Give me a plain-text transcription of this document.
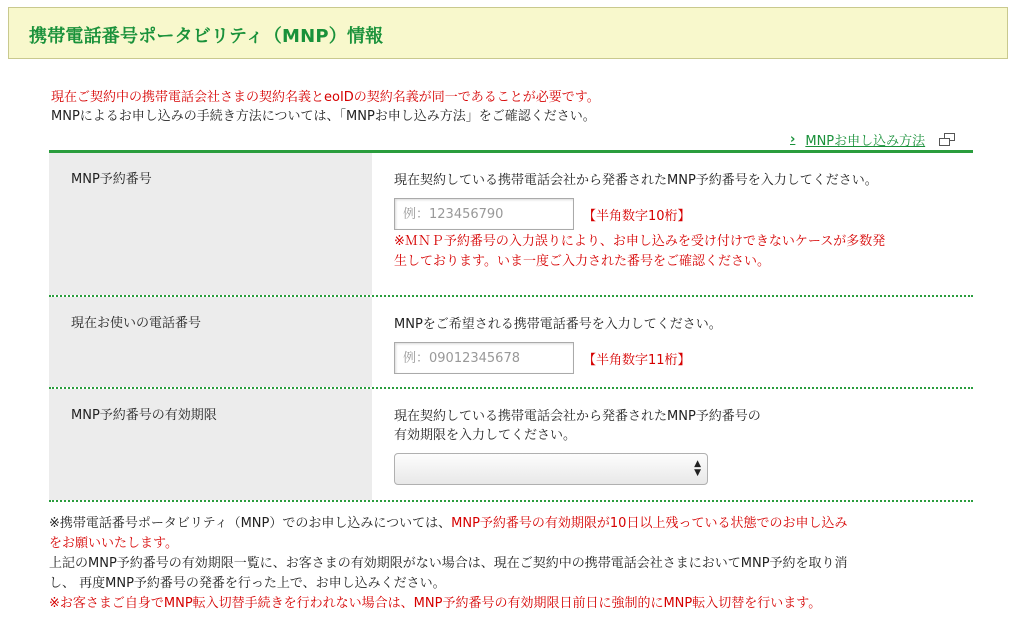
携帯電話番号ポータビリティ（MNP）情報
現在ご契約中の携帯電話会社さまの契約名義とeoIDの契約名義が同一であることが必要です。
MNPによるお申し込みの手続き方法については、「MNPお申し込み方法」をご確認ください。
› MNPお申し込み方法
MNP予約番号	現在契約している携帯電話会社から発番されたMNP予約番号を入力してください。
例：123456790
【半角数字10桁】
※ＭＮＰ予約番号の入力誤りにより、お申し込みを受け付けできないケースが多数発
生しております。いま一度ご入力された番号をご確認ください。
現在お使いの電話番号	MNPをご希望される携帯電話番号を入力してください。
例：09012345678
【半角数字11桁】
MNP予約番号の有効期限	現在契約している携帯電話会社から発番されたMNP予約番号の
有効期限を入力してください。
▲
▼
※携帯電話番号ポータビリティ（MNP）でのお申し込みについては、MNP予約番号の有効期限が10日以上残っている状態でのお申し込み
をお願いいたします。
上記のMNP予約番号の有効期限一覧に、お客さまの有効期限がない場合は、現在ご契約中の携帯電話会社さまにおいてMNP予約を取り消
し、 再度MNP予約番号の発番を行った上で、お申し込みください。
※お客さまご自身でMNP転入切替手続きを行われない場合は、MNP予約番号の有効期限日前日に強制的にMNP転入切替を行います。
